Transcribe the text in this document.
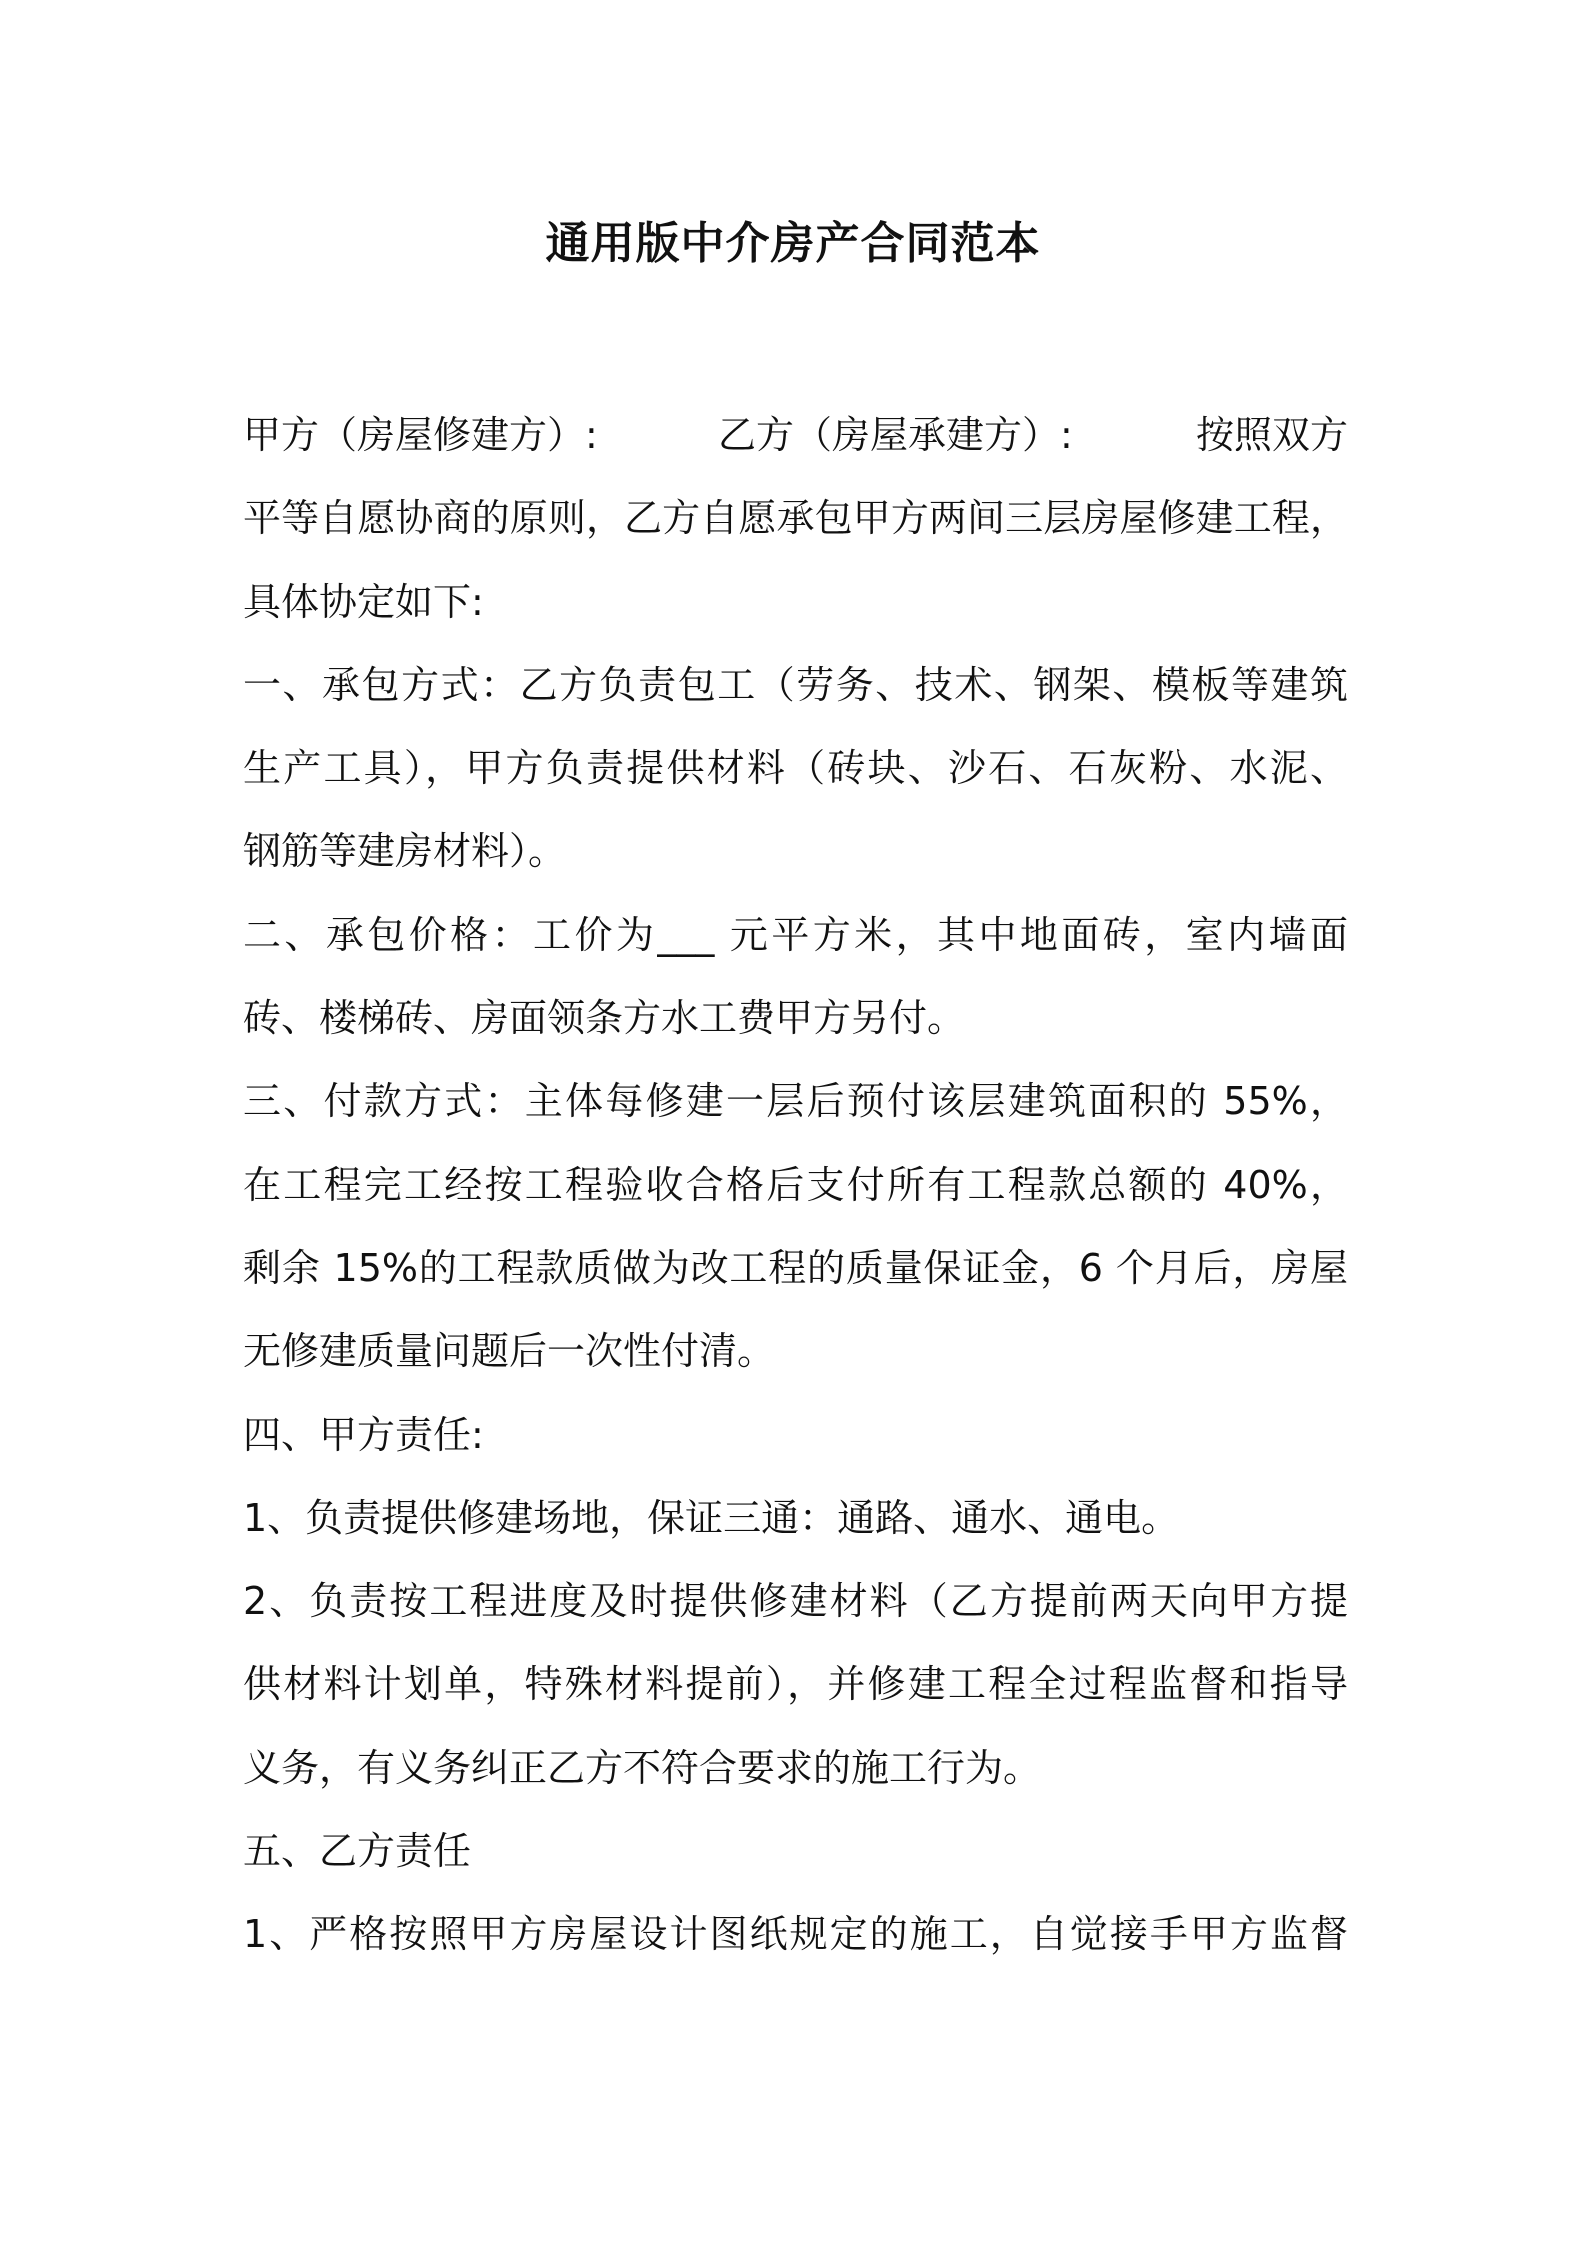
通用版中介房产合同范本
甲方（房屋修建方）:	乙方（房屋承建方）:	按照双方
平等自愿协商的原则，乙方自愿承包甲方两间三层房屋修建工程，
具体协定如下:
一、承包方式：乙方负责包工（劳务、技术、钢架、模板等建筑
生产工具），甲方负责提供材料（砖块、沙石、石灰粉、水泥、
钢筋等建房材料）。
二、承包价格：工价为___ 元平方米，其中地面砖，室内墙面
砖、楼梯砖、房面领条方水工费甲方另付。
三、付款方式：主体每修建一层后预付该层建筑面积的 55%，
在工程完工经按工程验收合格后支付所有工程款总额的 40%，
剩余 15%的工程款质做为改工程的质量保证金，6 个月后，房屋
无修建质量问题后一次性付清。
四、甲方责任:
1、负责提供修建场地，保证三通：通路、通水、通电。
2、负责按工程进度及时提供修建材料（乙方提前两天向甲方提
供材料计划单，特殊材料提前），并修建工程全过程监督和指导
义务，有义务纠正乙方不符合要求的施工行为。
五、乙方责任
1、严格按照甲方房屋设计图纸规定的施工，自觉接手甲方监督
